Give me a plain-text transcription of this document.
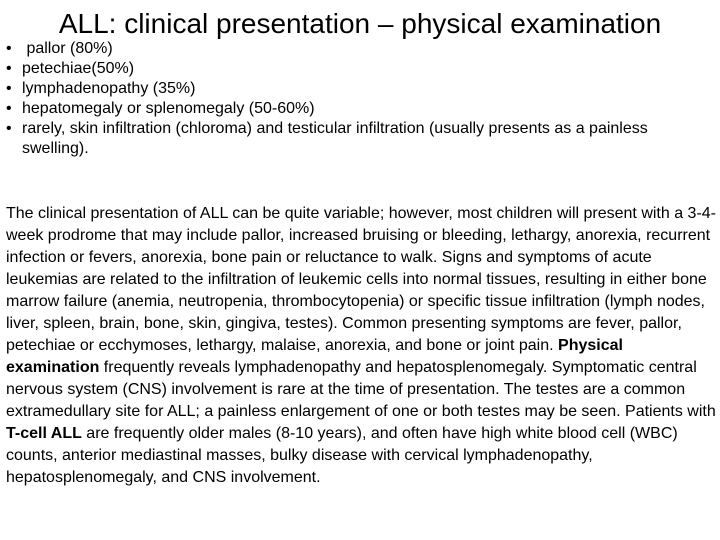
ALL: clinical presentation – physical examination
• pallor (80%)
• petechiae(50%)
• lymphadenopathy (35%)
• hepatomegaly or splenomegaly (50-60%)
• rarely, skin infiltration (chloroma) and testicular infiltration (usually presents as a painless swelling).

The clinical presentation of ALL can be quite variable; however, most children will present with a 3-4-week prodrome that may include pallor, increased bruising or bleeding, lethargy, anorexia, recurrent infection or fevers, anorexia, bone pain or reluctance to walk. Signs and symptoms of acute leukemias are related to the infiltration of leukemic cells into normal tissues, resulting in either bone marrow failure (anemia, neutropenia, thrombocytopenia) or specific tissue infiltration (lymph nodes, liver, spleen, brain, bone, skin, gingiva, testes). Common presenting symptoms are fever, pallor, petechiae or ecchymoses, lethargy, malaise, anorexia, and bone or joint pain. Physical examination frequently reveals lymphadenopathy and hepatosplenomegaly. Symptomatic central nervous system (CNS) involvement is rare at the time of presentation. The testes are a common extramedullary site for ALL; a painless enlargement of one or both testes may be seen. Patients with T-cell ALL are frequently older males (8-10 years), and often have high white blood cell (WBC) counts, anterior mediastinal masses, bulky disease with cervical lymphadenopathy, hepatosplenomegaly, and CNS involvement.
